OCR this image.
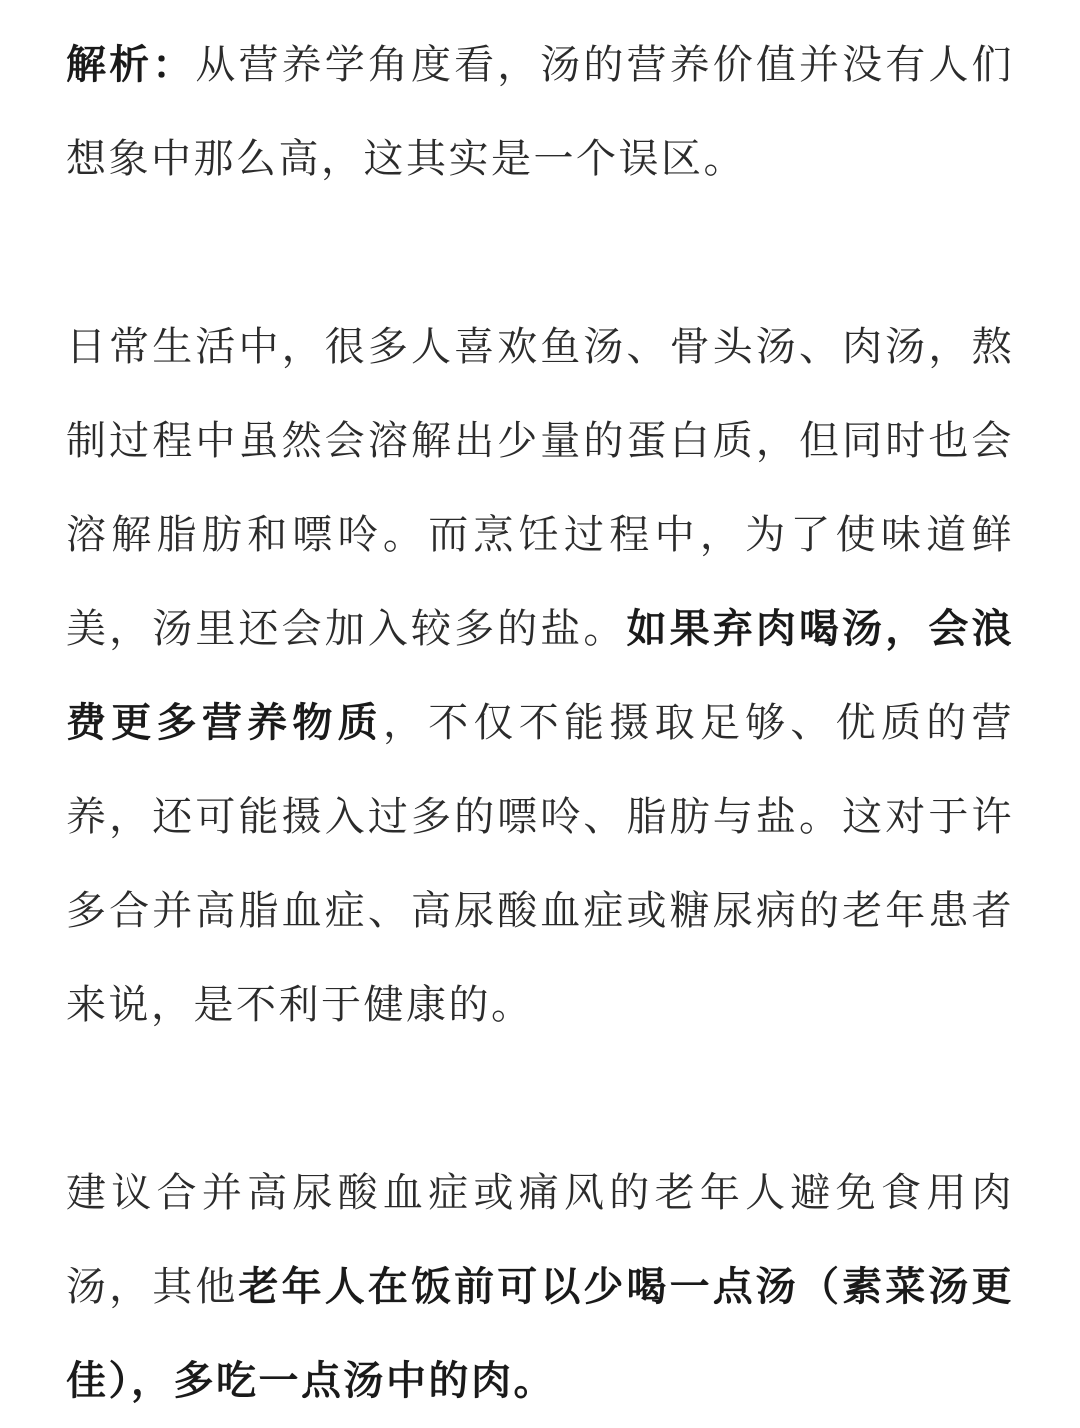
解析：从营养学角度看，汤的营养价值并没有人们想象中那么高，这其实是一个误区。

日常生活中，很多人喜欢鱼汤、骨头汤、肉汤，熬制过程中虽然会溶解出少量的蛋白质，但同时也会溶解脂肪和嘌呤。而烹饪过程中，为了使味道鲜美，汤里还会加入较多的盐。如果弃肉喝汤，会浪费更多营养物质，不仅不能摄取足够、优质的营养，还可能摄入过多的嘌呤、脂肪与盐。这对于许多合并高脂血症、高尿酸血症或糖尿病的老年患者来说，是不利于健康的。

建议合并高尿酸血症或痛风的老年人避免食用肉汤，其他老年人在饭前可以少喝一点汤（素菜汤更佳），多吃一点汤中的肉。
